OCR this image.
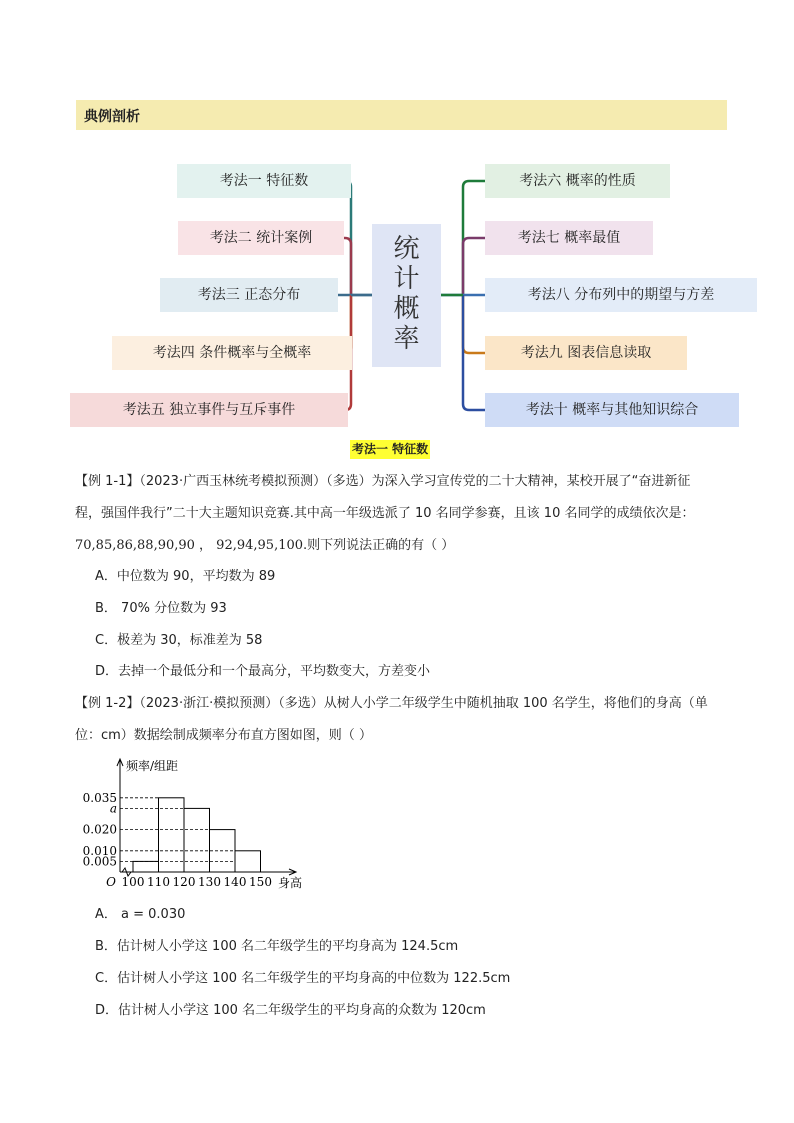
典例剖析
考法一 特征数
考法二 统计案例
考法三 正态分布
考法四 条件概率与全概率
考法五 独立事件与互斥事件
考法六 概率的性质
考法七 概率最值
考法八 分布列中的期望与方差
考法九 图表信息读取
考法十 概率与其他知识综合
统
计
概
率
考法一 特征数
【例 1-1】（2023·广西玉林统考模拟预测）（多选）为深入学习宣传党的二十大精神，某校开展了“奋进新征
程，强国伴我行”二十大主题知识竞赛.其中高一年级选派了 10 名同学参赛，且该 10 名同学的成绩依次是：
70,85,86,88,90,90 ， 92,94,95,100.则下列说法正确的有（ ）
A．中位数为 90，平均数为 89
B． 70% 分位数为 93
C．极差为 30，标准差为 58
D．去掉一个最低分和一个最高分，平均数变大，方差变小
【例 1-2】（2023·浙江·模拟预测）（多选）从树人小学二年级学生中随机抽取 100 名学生，将他们的身高（单
位：cm）数据绘制成频率分布直方图如图，则（ ）
0.035
a
0.020
0.010
0.005
100 110 120 130 140 150
O	身高
频率/组距
A． a = 0.030
B．估计树人小学这 100 名二年级学生的平均身高为 124.5cm
C．估计树人小学这 100 名二年级学生的平均身高的中位数为 122.5cm
D．估计树人小学这 100 名二年级学生的平均身高的众数为 120cm
